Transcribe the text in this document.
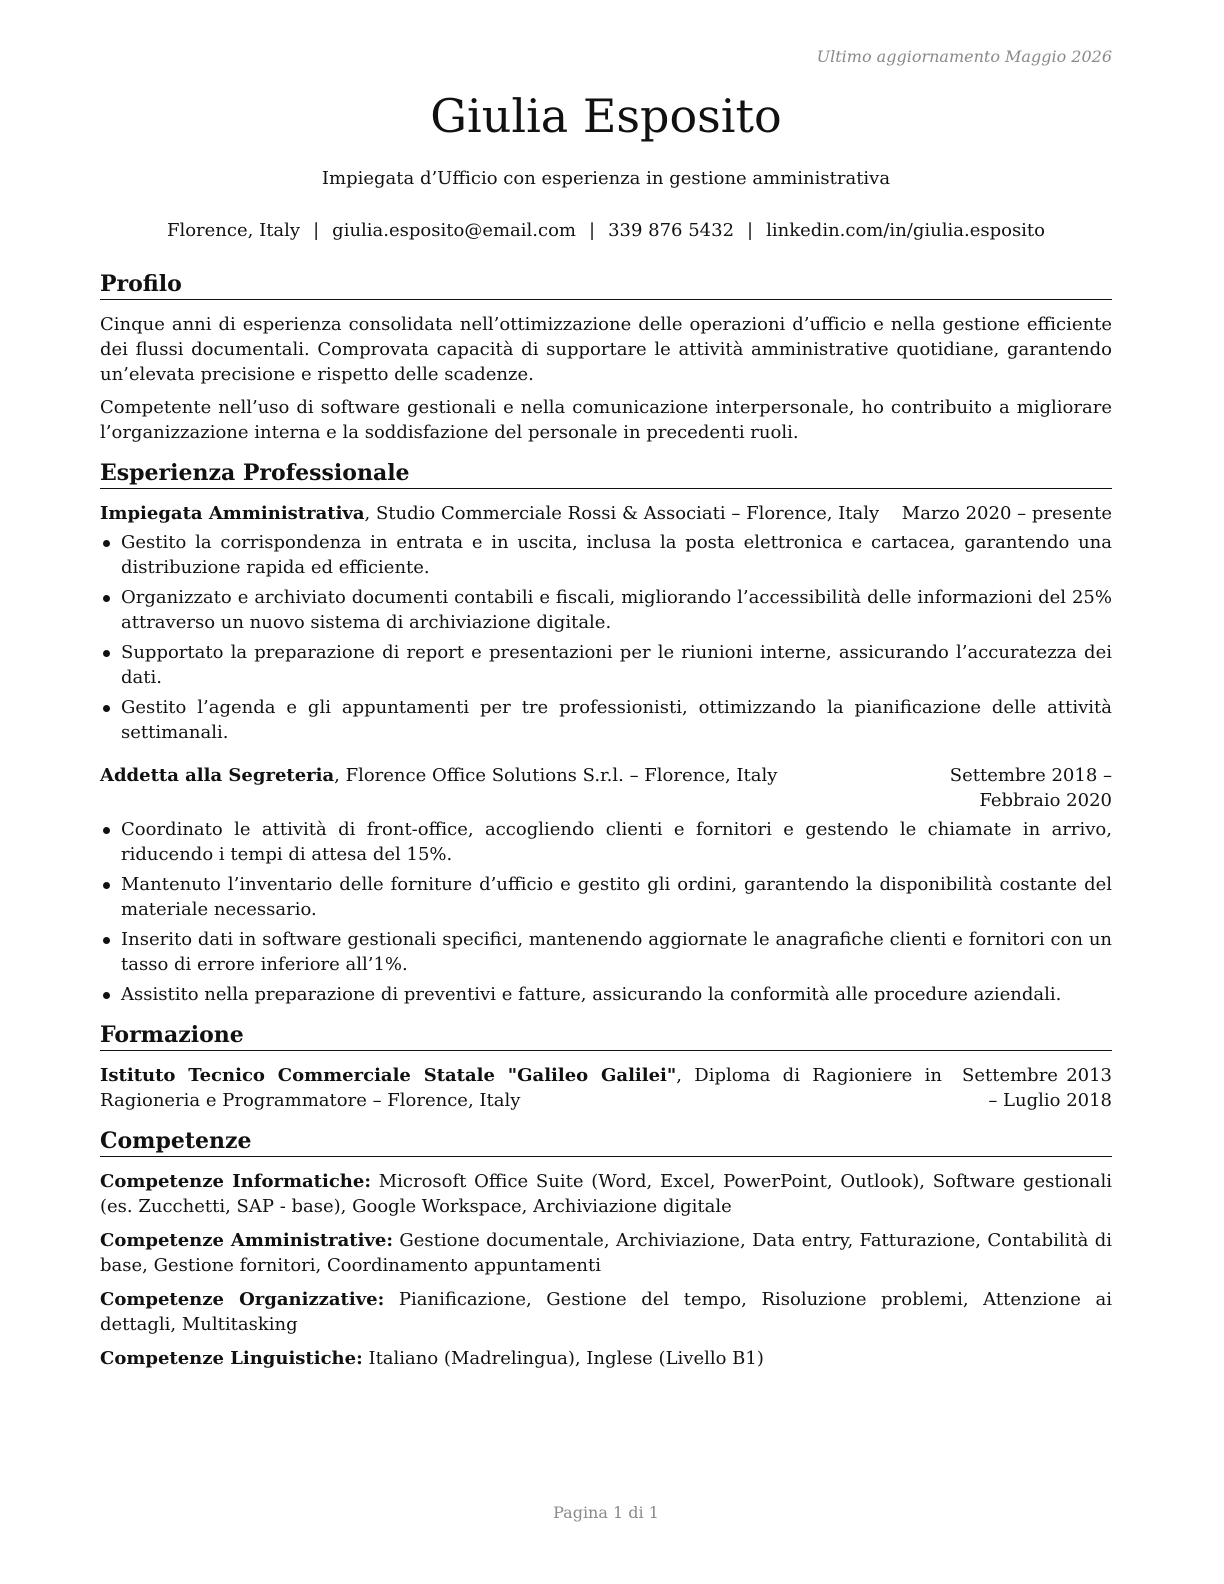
Ultimo aggiornamento Maggio 2026
Giulia Esposito
Impiegata d’Ufficio con esperienza in gestione amministrativa
Florence, Italy | giulia.esposito@email.com | 339 876 5432 | linkedin.com/in/giulia.esposito
Profilo

Cinque anni di esperienza consolidata nell’ottimizzazione delle operazioni d’ufficio e nella gestione efficiente dei flussi documentali. Comprovata capacità di supportare le attività amministrative quotidiane, garantendo un’elevata precisione e rispetto delle scadenze.

Competente nell’uso di software gestionali e nella comunicazione interpersonale, ho contribuito a migliorare l’organizzazione interna e la soddisfazione del personale in precedenti ruoli.

Esperienza Professionale
Impiegata Amministrativa, Studio Commerciale Rossi & Associati – Florence, Italy	Marzo 2020 – presente
Gestito la corrispondenza in entrata e in uscita, inclusa la posta elettronica e cartacea, garantendo una distribuzione rapida ed efficiente.
Organizzato e archiviato documenti contabili e fiscali, migliorando l’accessibilità delle informazioni del 25% attraverso un nuovo sistema di archiviazione digitale.
Supportato la preparazione di report e presentazioni per le riunioni interne, assicurando l’accuratezza dei dati.
Gestito l’agenda e gli appuntamenti per tre professionisti, ottimizzando la pianificazione delle attività settimanali.
Addetta alla Segreteria, Florence Office Solutions S.r.l. – Florence, Italy	Settembre 2018 – Febbraio 2020
Coordinato le attività di front-office, accogliendo clienti e fornitori e gestendo le chiamate in arrivo, riducendo i tempi di attesa del 15%.
Mantenuto l’inventario delle forniture d’ufficio e gestito gli ordini, garantendo la disponibilità costante del materiale necessario.
Inserito dati in software gestionali specifici, mantenendo aggiornate le anagrafiche clienti e fornitori con un tasso di errore inferiore all’1%.
Assistito nella preparazione di preventivi e fatture, assicurando la conformità alle procedure aziendali.
Formazione
Istituto Tecnico Commerciale Statale "Galileo Galilei", Diploma di Ragioniere in Ragioneria e Programmatore – Florence, Italy
Settembre 2013 – Luglio 2018
Competenze

Competenze Informatiche: Microsoft Office Suite (Word, Excel, PowerPoint, Outlook), Software gestionali (es. Zucchetti, SAP - base), Google Workspace, Archiviazione digitale

Competenze Amministrative: Gestione documentale, Archiviazione, Data entry, Fatturazione, Contabilità di base, Gestione fornitori, Coordinamento appuntamenti

Competenze Organizzative: Pianificazione, Gestione del tempo, Risoluzione problemi, Attenzione ai dettagli, Multitasking

Competenze Linguistiche: Italiano (Madrelingua), Inglese (Livello B1)

Pagina 1 di 1
